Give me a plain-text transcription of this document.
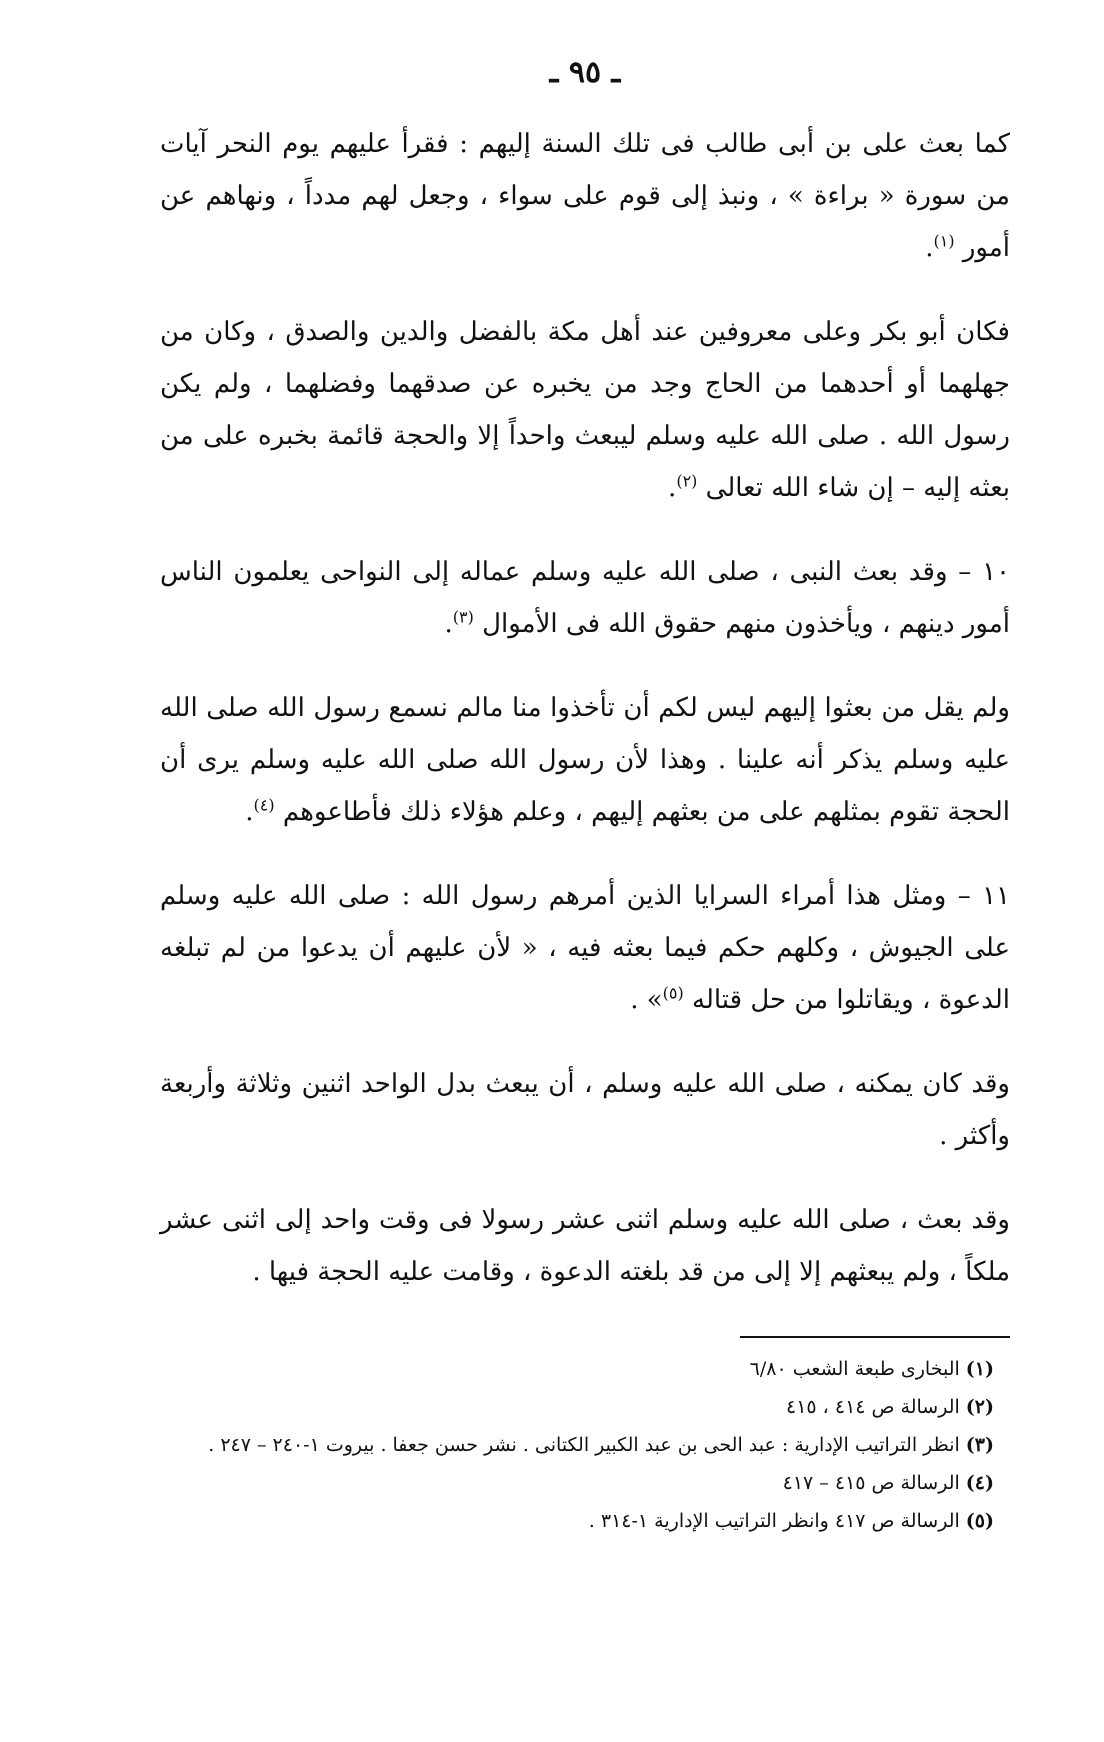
ـ ٩٥ ـ

كما بعث على بن أبى طالب فى تلك السنة إليهم : فقرأ عليهم يوم النحر آيات من سورة « براءة » ، ونبذ إلى قوم على سواء ، وجعل لهم مدداً ، ونهاهم عن أمور $^{(١)}$.

فكان أبو بكر وعلى معروفين عند أهل مكة بالفضل والدين والصدق ، وكان من جهلهما أو أحدهما من الحاج وجد من يخبره عن صدقهما وفضلهما ، ولم يكن رسول الله . صلى الله عليه وسلم ليبعث واحداً إلا والحجة قائمة بخبره على من بعثه إليه – إن شاء الله تعالى $^{(٢)}$.

١٠ – وقد بعث النبى ، صلى الله عليه وسلم عماله إلى النواحى يعلمون الناس أمور دينهم ، ويأخذون منهم حقوق الله فى الأموال $^{(٣)}$.

ولم يقل من بعثوا إليهم ليس لكم أن تأخذوا منا مالم نسمع رسول الله صلى الله عليه وسلم يذكر أنه علينا . وهذا لأن رسول الله صلى الله عليه وسلم يرى أن الحجة تقوم بمثلهم على من بعثهم إليهم ، وعلم هؤلاء ذلك فأطاعوهم $^{(٤)}$.

١١ – ومثل هذا أمراء السرايا الذين أمرهم رسول الله : صلى الله عليه وسلم على الجيوش ، وكلهم حكم فيما بعثه فيه ، « لأن عليهم أن يدعوا من لم تبلغه الدعوة ، ويقاتلوا من حل قتاله $^{(٥)}$» .

وقد كان يمكنه ، صلى الله عليه وسلم ، أن يبعث بدل الواحد اثنين وثلاثة وأربعة وأكثر .

وقد بعث ، صلى الله عليه وسلم اثنى عشر رسولا فى وقت واحد إلى اثنى عشر ملكاً ، ولم يبعثهم إلا إلى من قد بلغته الدعوة ، وقامت عليه الحجة فيها .

(١)البخارى طبعة الشعب ٦/٨٠

(٢)الرسالة ص ٤١٤ ، ٤١٥

(٣)انظر التراتيب الإدارية : عبد الحى بن عبد الكبير الكتانى . نشر حسن جعفا . بيروت ١-٢٤٠ – ٢٤٧ .

(٤)الرسالة ص ٤١٥ – ٤١٧

(٥)الرسالة ص ٤١٧ وانظر التراتيب الإدارية ١-٣١٤ .
